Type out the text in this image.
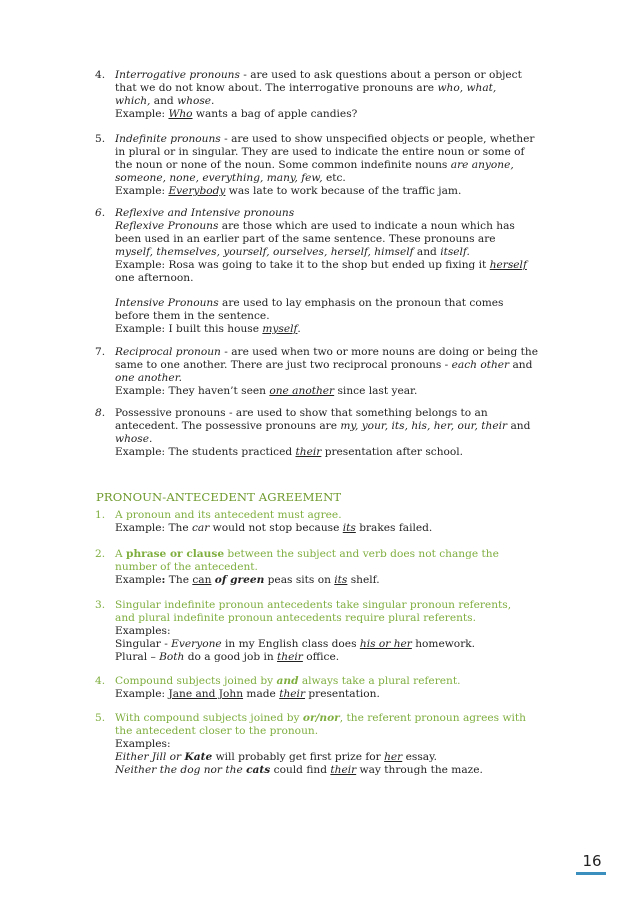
4. Interrogative pronouns - are used to ask questions about a person or object
that we do not know about. The interrogative pronouns are who, what,
which, and whose.
Example: Who wants a bag of apple candies?
5. Indefinite pronouns - are used to show unspecified objects or people, whether
in plural or in singular. They are used to indicate the entire noun or some of
the noun or none of the noun. Some common indefinite nouns are anyone,
someone, none, everything, many, few, etc.
Example: Everybody was late to work because of the traffic jam.
6. Reflexive and Intensive pronouns
Reflexive Pronouns are those which are used to indicate a noun which has
been used in an earlier part of the same sentence. These pronouns are
myself, themselves, yourself, ourselves, herself, himself and itself.
Example: Rosa was going to take it to the shop but ended up fixing it herself
one afternoon.
Intensive Pronouns are used to lay emphasis on the pronoun that comes
before them in the sentence.
Example: I built this house myself.
7. Reciprocal pronoun - are used when two or more nouns are doing or being the
same to one another. There are just two reciprocal pronouns - each other and
one another.
Example: They haven’t seen one another since last year.
8. Possessive pronouns - are used to show that something belongs to an
antecedent. The possessive pronouns are my, your, its, his, her, our, their and
whose.
Example: The students practiced their presentation after school.
PRONOUN-ANTECEDENT AGREEMENT
1. A pronoun and its antecedent must agree.
Example: The car would not stop because its brakes failed.
2. A phrase or clause between the subject and verb does not change the
number of the antecedent.
Example: The can of green peas sits on its shelf.
3. Singular indefinite pronoun antecedents take singular pronoun referents,
and plural indefinite pronoun antecedents require plural referents.
Examples:
Singular - Everyone in my English class does his or her homework.
Plural – Both do a good job in their office.
4. Compound subjects joined by and always take a plural referent.
Example: Jane and John made their presentation.
5. With compound subjects joined by or/nor, the referent pronoun agrees with
the antecedent closer to the pronoun.
Examples:
Either Jill or Kate will probably get first prize for her essay.
Neither the dog nor the cats could find their way through the maze.
16
